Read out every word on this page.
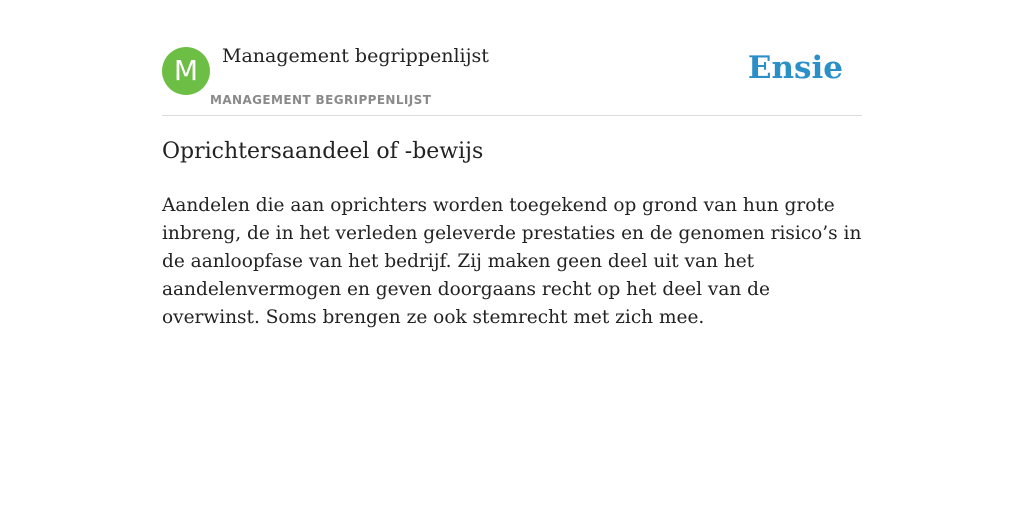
M	Management begrippenlijst
MANAGEMENT BEGRIPPENLIJST
Ensie
Oprichtersaandeel of -bewijs

Aandelen die aan oprichters worden toegekend op grond van hun grote inbreng, de in het verleden geleverde prestaties en de genomen risico’s in de aanloopfase van het bedrijf. Zij maken geen deel uit van het aandelenvermogen en geven doorgaans recht op het deel van de overwinst. Soms brengen ze ook stemrecht met zich mee.
